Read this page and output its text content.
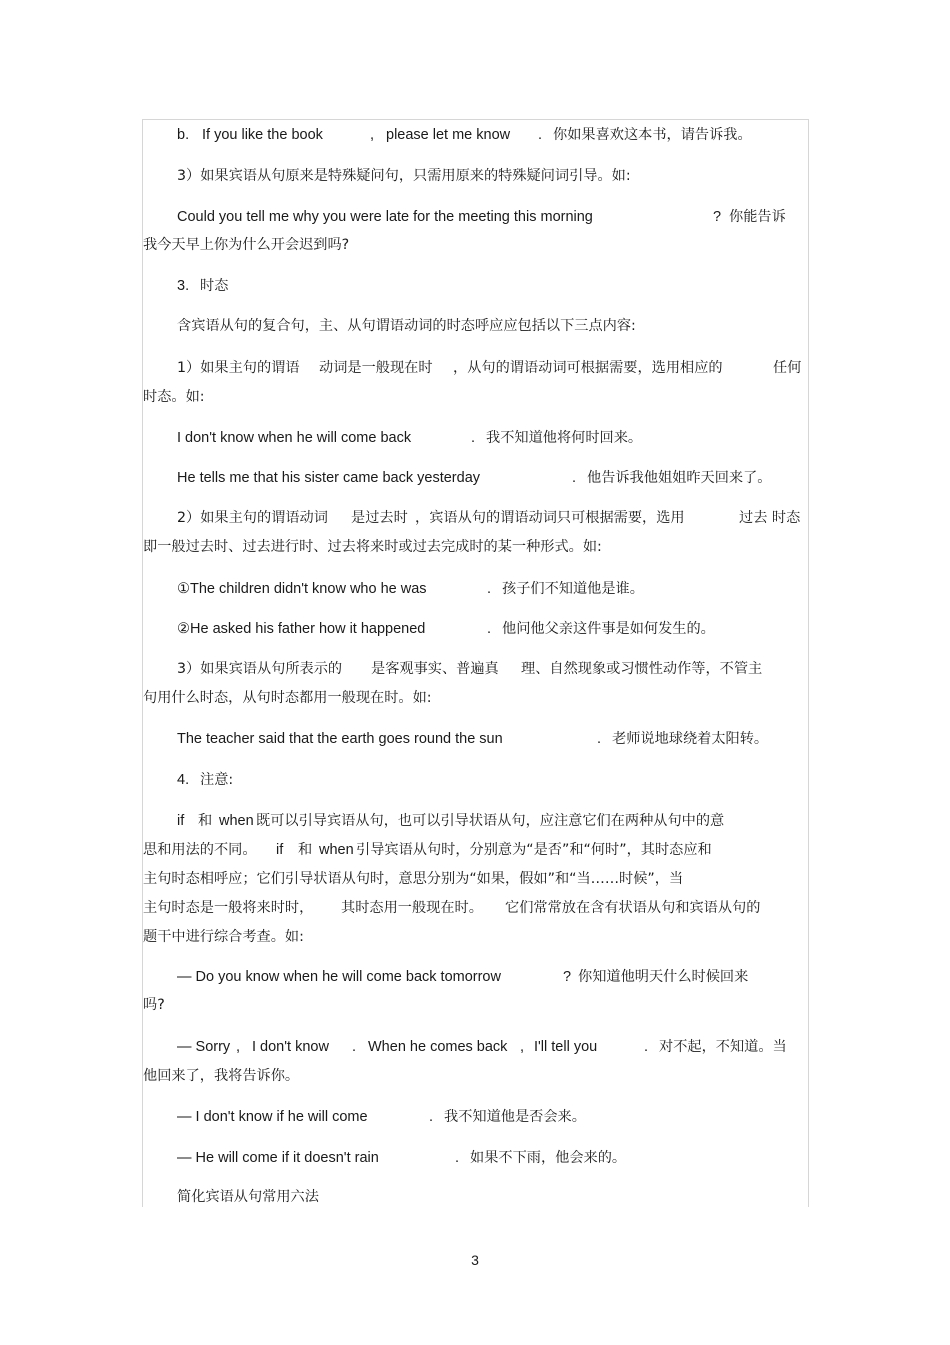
b. If you like the book	, please let me know . 你如果喜欢这本书，请告诉我。
3）如果宾语从句原来是特殊疑问句，只需用原来的特殊疑问词引导。如:
Could you tell me why you were late for the meeting this morning	? 你能告诉
我今天早上你为什么开会迟到吗?
3. 时态
含宾语从句的复合句，主、从句谓语动词的时态呼应应包括以下三点内容:
1）如果主句的谓语 动词是一般现在时 ，从句的谓语动词可根据需要，选用相应的	任何
时态。如:
I don't know when he will come back	. 我不知道他将何时回来。
He tells me that his sister came back yesterday	. 他告诉我他姐姐昨天回来了。
2）如果主句的谓语动词 是过去时 ，宾语从句的谓语动词只可根据需要，选用	过去 时态
即一般过去时、过去进行时、过去将来时或过去完成时的某一种形式。如:
①The children didn't know who he was	. 孩子们不知道他是谁。
②He asked his father how it happened	. 他问他父亲这件事是如何发生的。
3）如果宾语从句所表示的 是客观事实、普遍真 理、自然现象或习惯性动作等，不管主
句用什么时态，从句时态都用一般现在时。如:
The teacher said that the earth goes round the sun	. 老师说地球绕着太阳转。
4. 注意:
if 和 when 既可以引导宾语从句，也可以引导状语从句，应注意它们在两种从句中的意
思和用法的不同。 if 和 when 引导宾语从句时，分别意为“是否”和“何时”，其时态应和
主句时态相呼应；它们引导状语从句时，意思分别为“如果，假如”和“当……时候”，当
主句时态是一般将来时时， 其时态用一般现在时。 它们常常放在含有状语从句和宾语从句的
题干中进行综合考查。如:
— Do you know when he will come back tomorrow	? 你知道他明天什么时候回来
吗?
— Sorry , I don't know . When he comes back , I'll tell you	. 对不起，不知道。当
他回来了，我将告诉你。
— I don't know if he will come	. 我不知道他是否会来。
— He will come if it doesn't rain	. 如果不下雨，他会来的。
简化宾语从句常用六法
3
